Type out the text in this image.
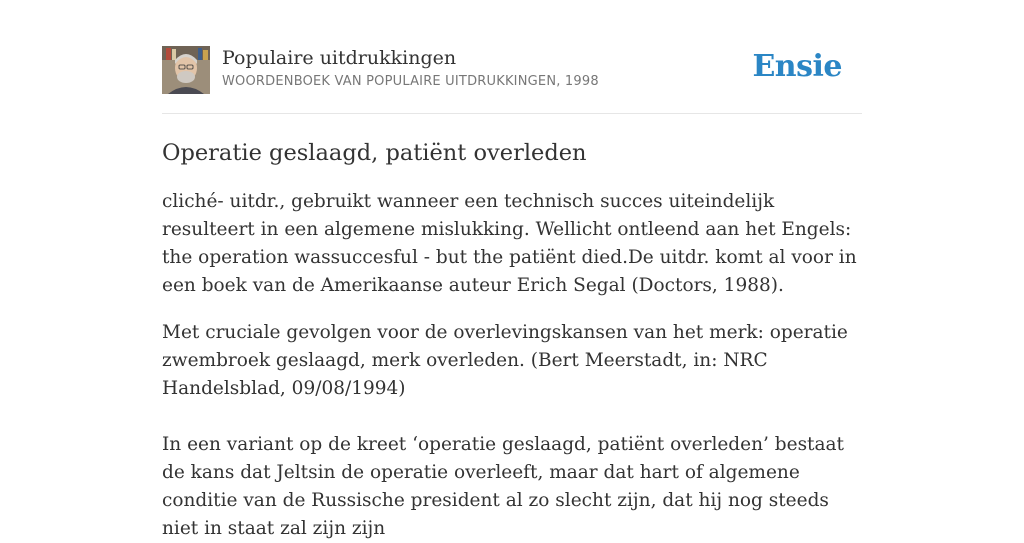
Populaire uitdrukkingen
WOORDENBOEK VAN POPULAIRE UITDRUKKINGEN, 1998	Ensie
Operatie geslaagd, patiënt overleden

cliché- uitdr., gebruikt wanneer een technisch succes uiteindelijk resulteert in een algemene mislukking. Wellicht ontleend aan het Engels: the operation wassuccesful - but the patiënt died.De uitdr. komt al voor in een boek van de Amerikaanse auteur Erich Segal (Doctors, 1988).

Met cruciale gevolgen voor de overlevingskansen van het merk: operatie zwembroek geslaagd, merk overleden. (Bert Meerstadt, in: NRC Handelsblad, 09/08/1994)

In een variant op de kreet ‘operatie geslaagd, patiënt overleden’ bestaat de kans dat Jeltsin de operatie overleeft, maar dat hart of algemene conditie van de Russische president al zo slecht zijn, dat hij nog steeds niet in staat zal zijn zijn
